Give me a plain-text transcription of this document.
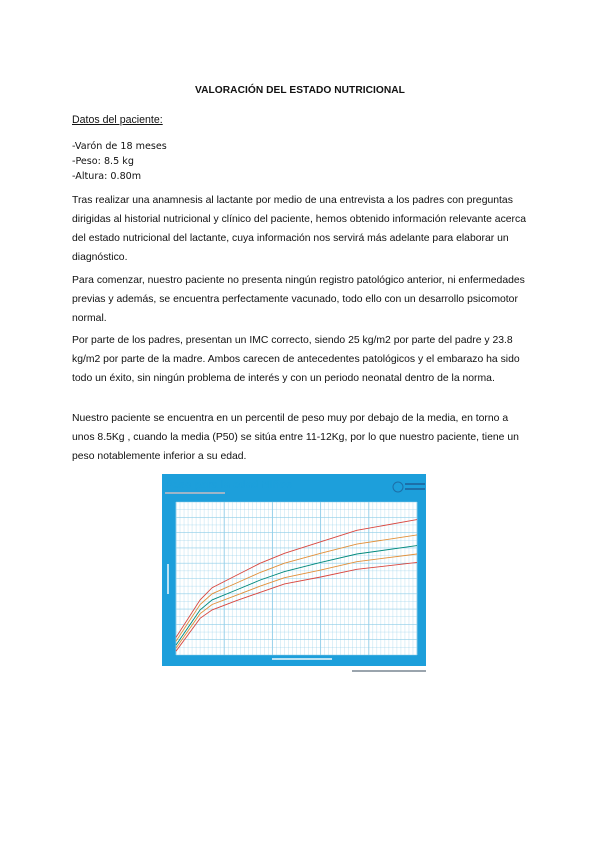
VALORACIÓN DEL ESTADO NUTRICIONAL
Datos del paciente:
-Varón de 18 meses
-Peso: 8.5 kg
-Altura: 0.80m

Tras realizar una anamnesis al lactante por medio de una entrevista a los padres con preguntas dirigidas al historial nutricional y clínico del paciente, hemos obtenido información relevante acerca del estado nutricional del lactante, cuya información nos servirá más adelante para elaborar un diagnóstico.

Para comenzar, nuestro paciente no presenta ningún registro patológico anterior, ni enfermedades previas y además, se encuentra perfectamente vacunado, todo ello con un desarrollo psicomotor normal.

Por parte de los padres, presentan un IMC correcto, siendo 25 kg/m2 por parte del padre y 23.8 kg/m2 por parte de la madre. Ambos carecen de antecedentes patológicos y el embarazo ha sido todo un éxito, sin ningún problema de interés y con un periodo neonatal dentro de la norma.

Nuestro paciente se encuentra en un percentil de peso muy por debajo de la media, en torno a unos 8.5Kg , cuando la media (P50) se sitúa entre 11-12Kg, por lo que nuestro paciente, tiene un peso notablemente inferior a su edad.

Peso para la edad Niños
